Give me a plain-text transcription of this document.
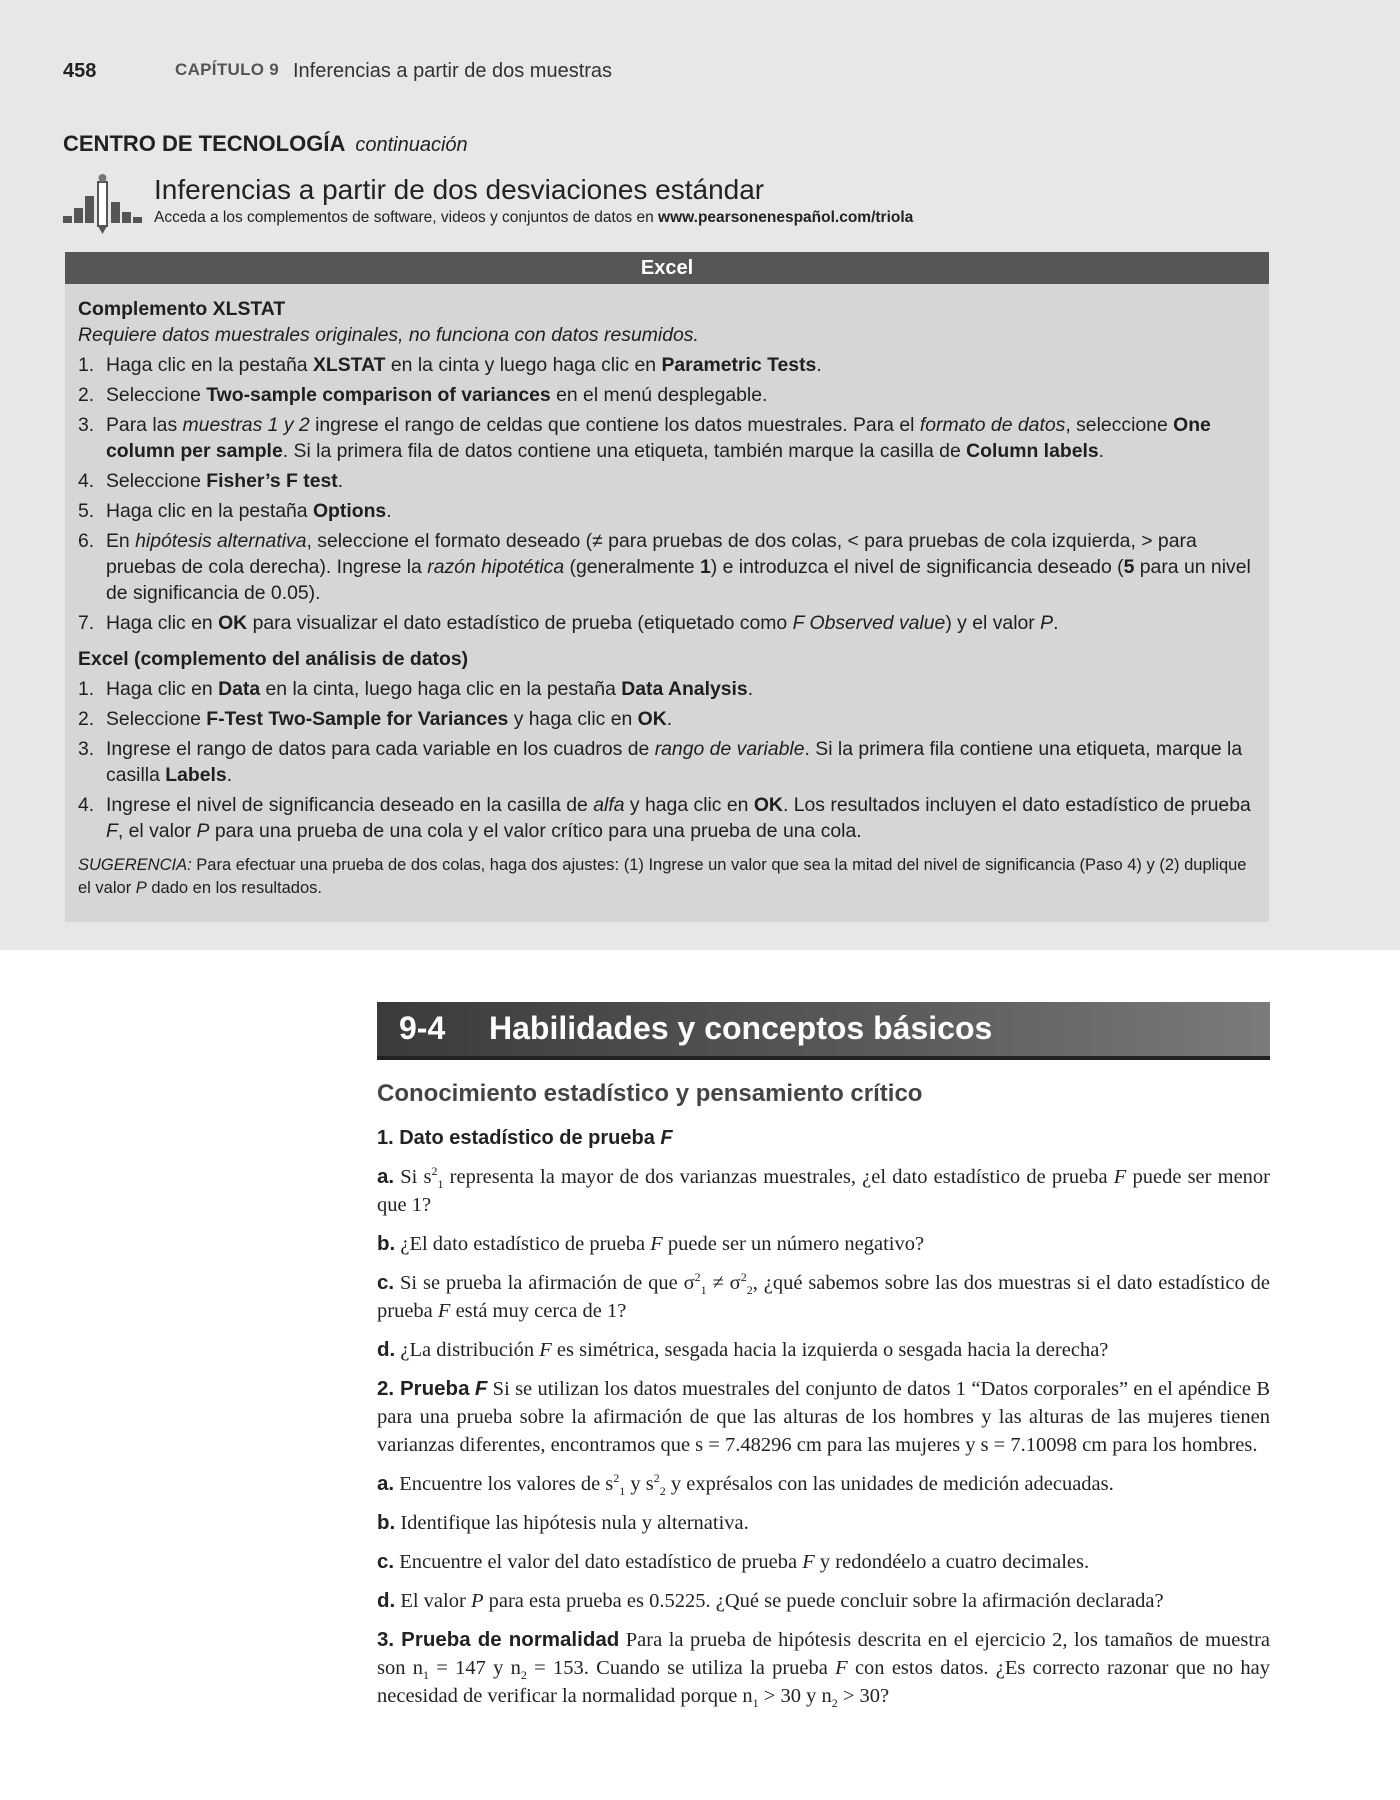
458	CAPÍTULO 9 Inferencias a partir de dos muestras
CENTRO DE TECNOLOGÍA continuación
Inferencias a partir de dos desviaciones estándar
Acceda a los complementos de software, videos y conjuntos de datos en www.pearsonenespañol.com/triola
Excel
Complemento XLSTAT
Requiere datos muestrales originales, no funciona con datos resumidos.
1. Haga clic en la pestaña XLSTAT en la cinta y luego haga clic en Parametric Tests.
2. Seleccione Two-sample comparison of variances en el menú desplegable.
3. Para las muestras 1 y 2 ingrese el rango de celdas que contiene los datos muestrales. Para el formato de datos, seleccione One column per sample. Si la primera fila de datos contiene una etiqueta, también marque la casilla de Column labels.
4. Seleccione Fisher’s F test.
5. Haga clic en la pestaña Options.
6. En hipótesis alternativa, seleccione el formato deseado (≠ para pruebas de dos colas, < para pruebas de cola izquierda, > para pruebas de cola derecha). Ingrese la razón hipotética (generalmente 1) e introduzca el nivel de significancia deseado (5 para un nivel de significancia de 0.05).
7. Haga clic en OK para visualizar el dato estadístico de prueba (etiquetado como F Observed value) y el valor P.
Excel (complemento del análisis de datos)
1. Haga clic en Data en la cinta, luego haga clic en la pestaña Data Analysis.
2. Seleccione F-Test Two-Sample for Variances y haga clic en OK.
3. Ingrese el rango de datos para cada variable en los cuadros de rango de variable. Si la primera fila contiene una etiqueta, marque la casilla Labels.
4. Ingrese el nivel de significancia deseado en la casilla de alfa y haga clic en OK. Los resultados incluyen el dato estadístico de prueba F, el valor P para una prueba de una cola y el valor crítico para una prueba de una cola.
SUGERENCIA: Para efectuar una prueba de dos colas, haga dos ajustes: (1) Ingrese un valor que sea la mitad del nivel de significancia (Paso 4) y (2) duplique el valor P dado en los resultados.
9-4 Habilidades y conceptos básicos
Conocimiento estadístico y pensamiento crítico
1. Dato estadístico de prueba F
a. Si $s^2_1$ representa la mayor de dos varianzas muestrales, ¿el dato estadístico de prueba F puede ser menor que 1?
b. ¿El dato estadístico de prueba F puede ser un número negativo?
c. Si se prueba la afirmación de que $\sigma^2_1 \ne \sigma^2_2$, ¿qué sabemos sobre las dos muestras si el dato estadístico de prueba F está muy cerca de 1?
d. ¿La distribución F es simétrica, sesgada hacia la izquierda o sesgada hacia la derecha?
2. Prueba F Si se utilizan los datos muestrales del conjunto de datos 1 “Datos corporales” en el apéndice B para una prueba sobre la afirmación de que las alturas de los hombres y las alturas de las mujeres tienen varianzas diferentes, encontramos que s = 7.48296 cm para las mujeres y s = 7.10098 cm para los hombres.
a. Encuentre los valores de $s^2_1$ y $s^2_2$ y exprésalos con las unidades de medición adecuadas.
b. Identifique las hipótesis nula y alternativa.
c. Encuentre el valor del dato estadístico de prueba F y redondéelo a cuatro decimales.
d. El valor P para esta prueba es 0.5225. ¿Qué se puede concluir sobre la afirmación declarada?
3. Prueba de normalidad Para la prueba de hipótesis descrita en el ejercicio 2, los tamaños de muestra son $n_1 = 147$ y $n_2 = 153$. Cuando se utiliza la prueba F con estos datos. ¿Es correcto razonar que no hay necesidad de verificar la normalidad porque $n_1 > 30$ y $n_2 > 30$?
